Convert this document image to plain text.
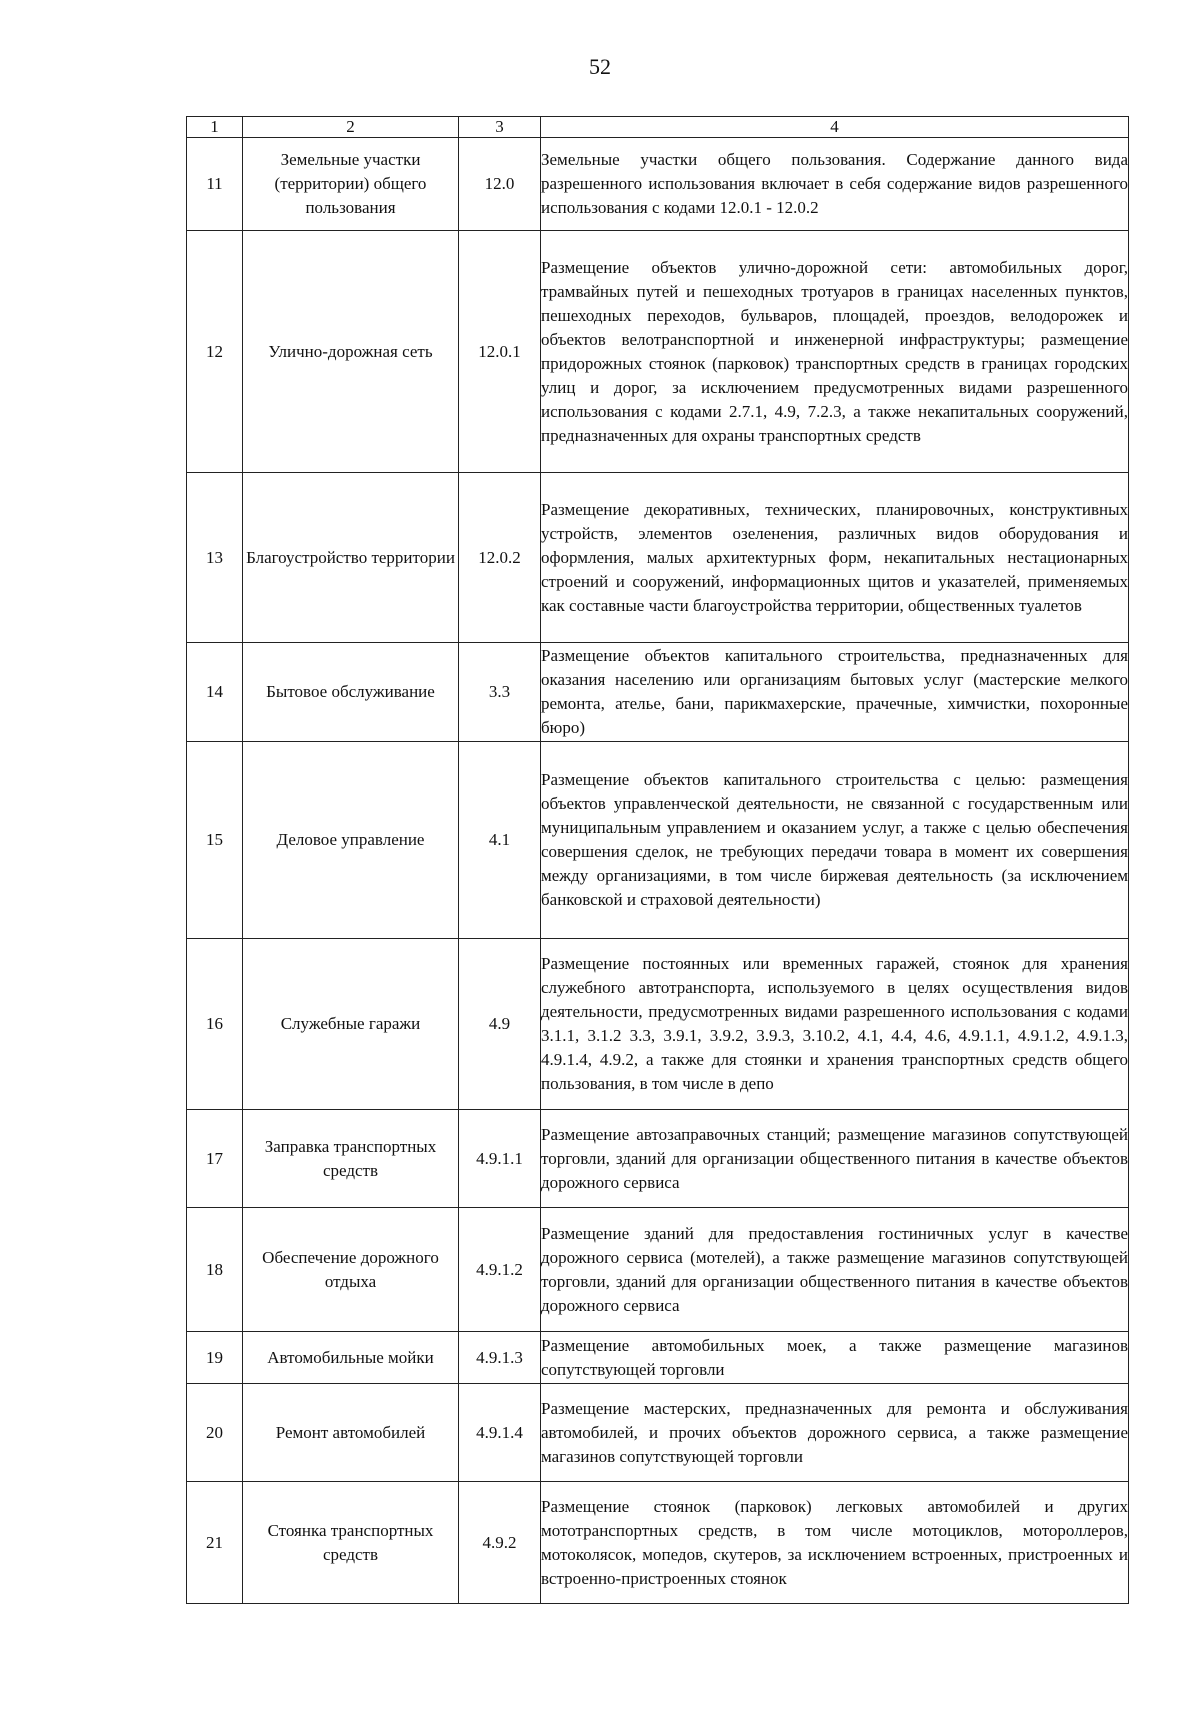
52
1	2	3	4
11	Земельные участки (территории) общего пользования	12.0	Земельные участки общего пользования. Содержание данного вида разрешенного использования включает в себя содержание видов разрешенного использования с кодами 12.0.1 - 12.0.2
12	Улично-дорожная сеть	12.0.1	Размещение объектов улично-дорожной сети: автомобильных дорог, трамвайных путей и пешеходных тротуаров в границах населенных пунктов, пешеходных переходов, бульваров, площадей, проездов, велодорожек и объектов велотранспортной и инженерной инфраструктуры; размещение придорожных стоянок (парковок) транспортных средств в границах городских улиц и дорог, за исключением предусмотренных видами разрешенного использования с кодами 2.7.1, 4.9, 7.2.3, а также некапитальных сооружений, предназначенных для охраны транспортных средств
13	Благоустройство территории	12.0.2	Размещение декоративных, технических, планировочных, конструктивных устройств, элементов озеленения, различных видов оборудования и оформления, малых архитектурных форм, некапитальных нестационарных строений и сооружений, информационных щитов и указателей, применяемых как составные части благоустройства территории, общественных туалетов
14	Бытовое обслуживание	3.3	Размещение объектов капитального строительства, предназначенных для оказания населению или организациям бытовых услуг (мастерские мелкого ремонта, ателье, бани, парикмахерские, прачечные, химчистки, похоронные бюро)
15	Деловое управление	4.1	Размещение объектов капитального строительства с целью: размещения объектов управленческой деятельности, не связанной с государственным или муниципальным управлением и оказанием услуг, а также с целью обеспечения совершения сделок, не требующих передачи товара в момент их совершения между организациями, в том числе биржевая деятельность (за исключением банковской и страховой деятельности)
16	Служебные гаражи	4.9	Размещение постоянных или временных гаражей, стоянок для хранения служебного автотранспорта, используемого в целях осуществления видов деятельности, предусмотренных видами разрешенного использования с кодами 3.1.1, 3.1.2 3.3, 3.9.1, 3.9.2, 3.9.3, 3.10.2, 4.1, 4.4, 4.6, 4.9.1.1, 4.9.1.2, 4.9.1.3, 4.9.1.4, 4.9.2, а также для стоянки и хранения транспортных средств общего пользования, в том числе в депо
17	Заправка транспортных средств	4.9.1.1	Размещение автозаправочных станций; размещение магазинов сопутствующей торговли, зданий для организации общественного питания в качестве объектов дорожного сервиса
18	Обеспечение дорожного отдыха	4.9.1.2	Размещение зданий для предоставления гостиничных услуг в качестве дорожного сервиса (мотелей), а также размещение магазинов сопутствующей торговли, зданий для организации общественного питания в качестве объектов дорожного сервиса
19	Автомобильные мойки	4.9.1.3	Размещение автомобильных моек, а также размещение магазинов сопутствующей торговли
20	Ремонт автомобилей	4.9.1.4	Размещение мастерских, предназначенных для ремонта и обслуживания автомобилей, и прочих объектов дорожного сервиса, а также размещение магазинов сопутствующей торговли
21	Стоянка транспортных средств	4.9.2	Размещение стоянок (парковок) легковых автомобилей и других мототранспортных средств, в том числе мотоциклов, мотороллеров, мотоколясок, мопедов, скутеров, за исключением встроенных, пристроенных и встроенно-пристроенных стоянок
